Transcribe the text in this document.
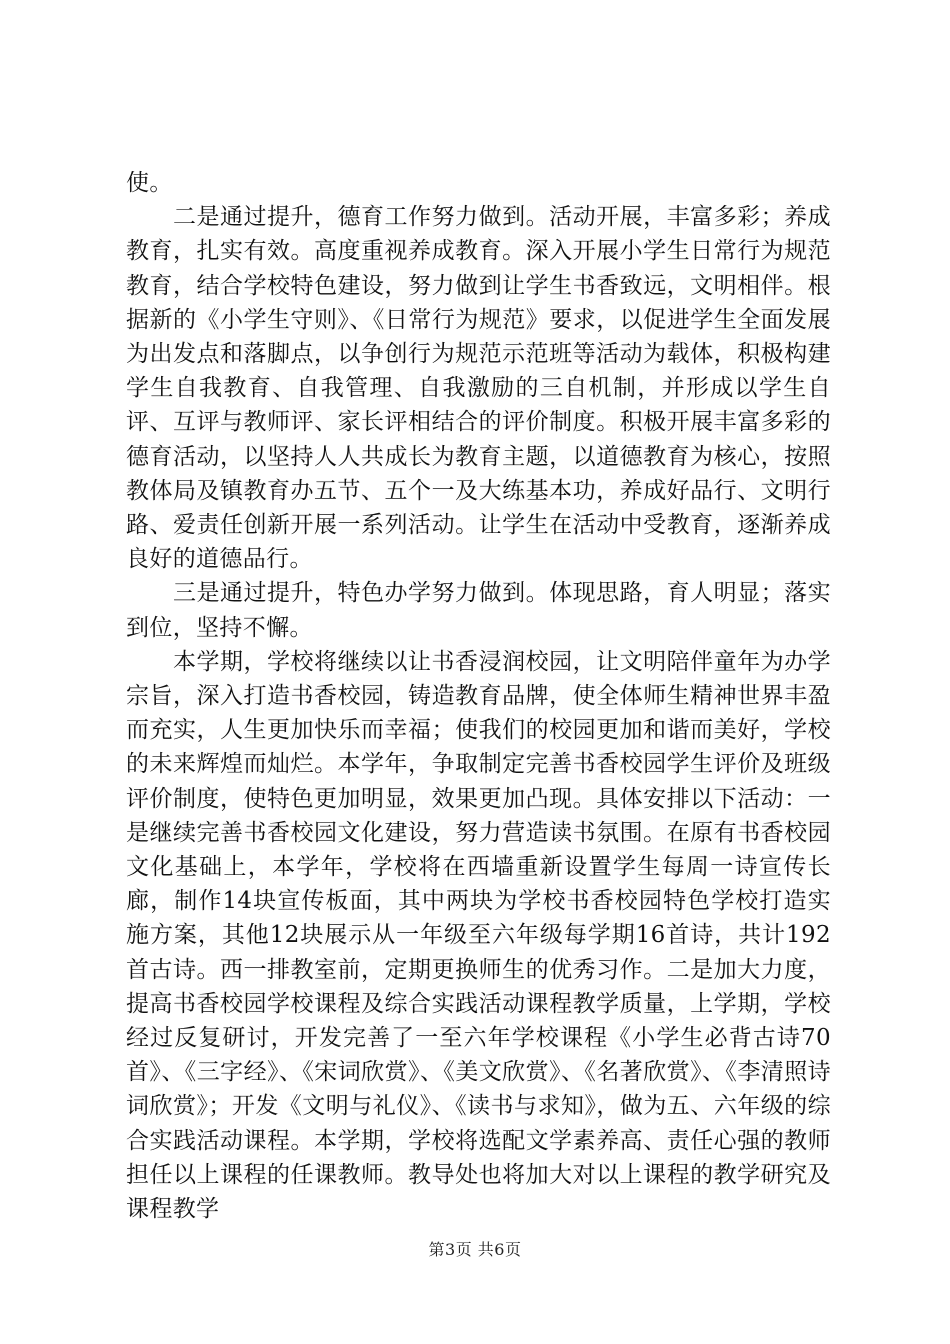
使。

二是通过提升，德育工作努力做到。活动开展，丰富多彩；养成教育，扎实有效。高度重视养成教育。深入开展小学生日常行为规范教育，结合学校特色建设，努力做到让学生书香致远，文明相伴。根据新的《小学生守则》、《日常行为规范》要求，以促进学生全面发展为出发点和落脚点，以争创行为规范示范班等活动为载体，积极构建学生自我教育、自我管理、自我激励的三自机制，并形成以学生自评、互评与教师评、家长评相结合的评价制度。积极开展丰富多彩的德育活动，以坚持人人共成长为教育主题，以道德教育为核心，按照教体局及镇教育办五节、五个一及大练基本功，养成好品行、文明行路、爱责任创新开展一系列活动。让学生在活动中受教育，逐渐养成良好的道德品行。

三是通过提升，特色办学努力做到。体现思路，育人明显；落实到位，坚持不懈。

本学期，学校将继续以让书香浸润校园，让文明陪伴童年为办学宗旨，深入打造书香校园，铸造教育品牌，使全体师生精神世界丰盈而充实，人生更加快乐而幸福；使我们的校园更加和谐而美好，学校的未来辉煌而灿烂。本学年，争取制定完善书香校园学生评价及班级评价制度，使特色更加明显，效果更加凸现。具体安排以下活动：一是继续完善书香校园文化建设，努力营造读书氛围。在原有书香校园文化基础上，本学年，学校将在西墙重新设置学生每周一诗宣传长廊，制作14块宣传板面，其中两块为学校书香校园特色学校打造实施方案，其他12块展示从一年级至六年级每学期16首诗，共计192首古诗。西一排教室前，定期更换师生的优秀习作。二是加大力度，提高书香校园学校课程及综合实践活动课程教学质量，上学期，学校经过反复研讨，开发完善了一至六年学校课程《小学生必背古诗70首》、《三字经》、《宋词欣赏》、《美文欣赏》、《名著欣赏》、《李清照诗词欣赏》；开发《文明与礼仪》、《读书与求知》，做为五、六年级的综合实践活动课程。本学期，学校将选配文学素养高、责任心强的教师担任以上课程的任课教师。教导处也将加大对以上课程的教学研究及课程教学

第3页 共6页
